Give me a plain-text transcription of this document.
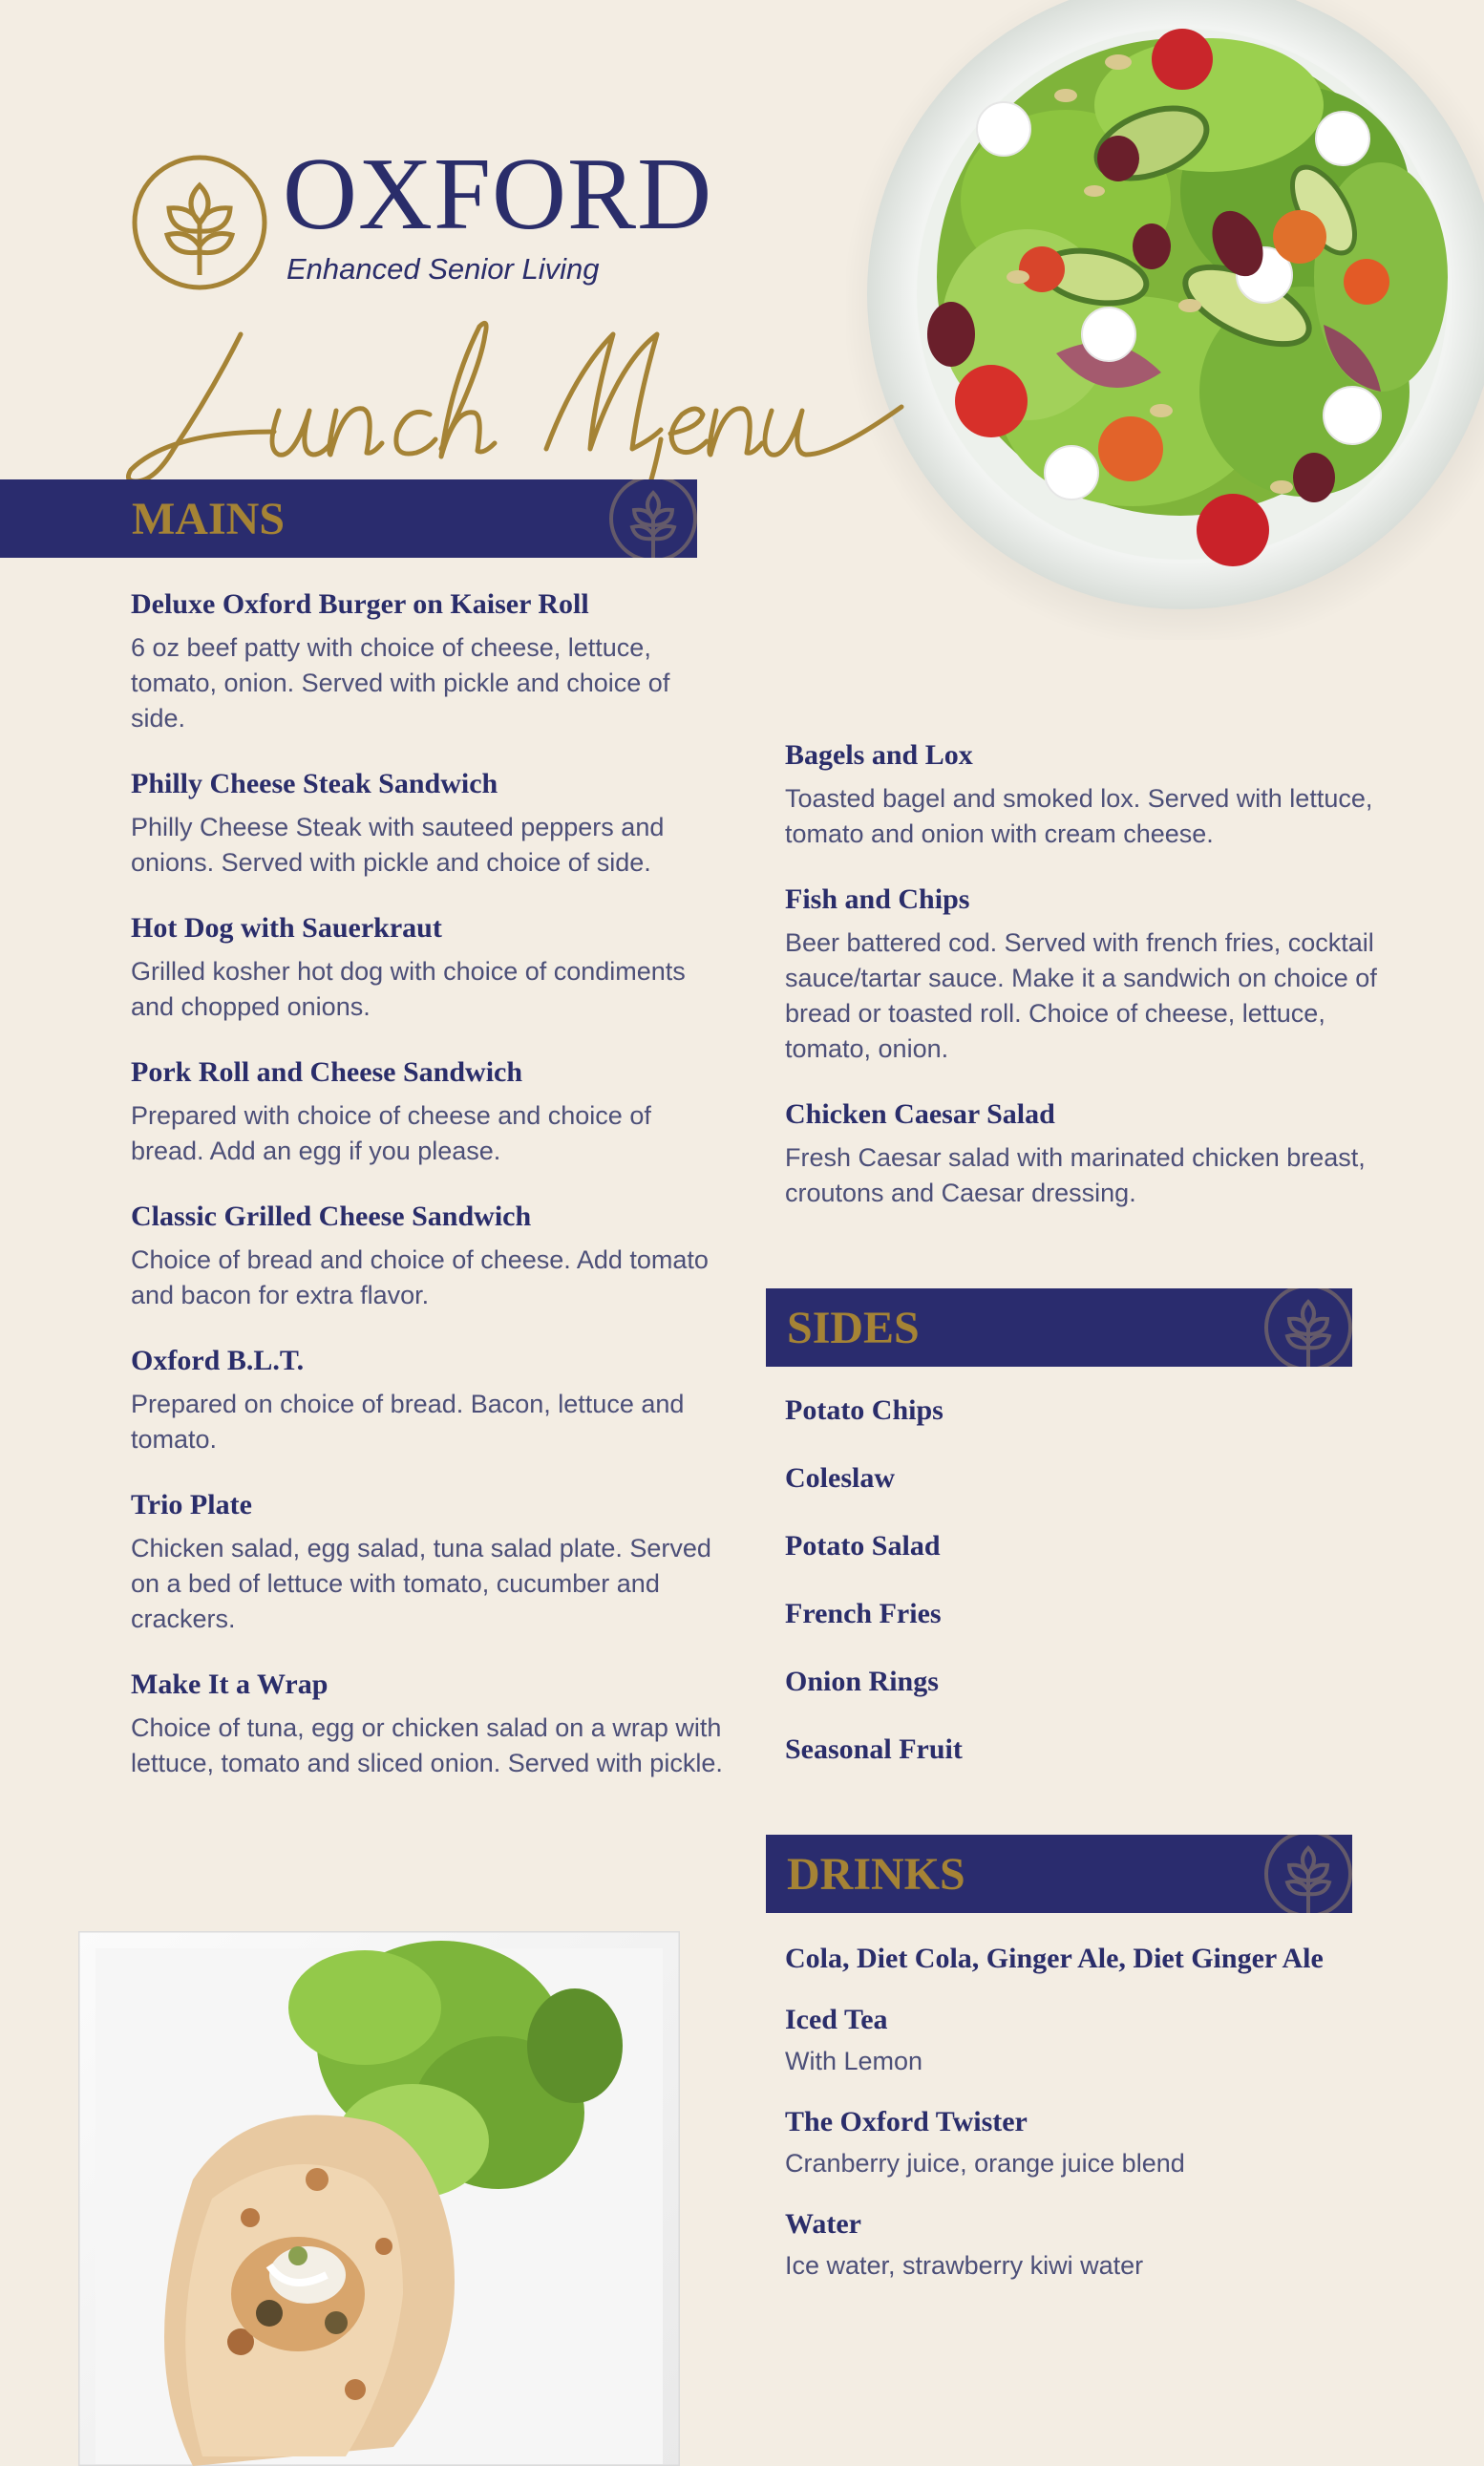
OXFORD
Enhanced Senior Living
MAINS
Deluxe Oxford Burger on Kaiser Roll
6 oz beef patty with choice of cheese, lettuce, tomato, onion. Served with pickle and choice of side.
Philly Cheese Steak Sandwich
Philly Cheese Steak with sauteed peppers and onions. Served with pickle and choice of side.
Hot Dog with Sauerkraut
Grilled kosher hot dog with choice of condiments and chopped onions.
Pork Roll and Cheese Sandwich
Prepared with choice of cheese and choice of bread. Add an egg if you please.
Classic Grilled Cheese Sandwich
Choice of bread and choice of cheese. Add tomato and bacon for extra flavor.
Oxford B.L.T.
Prepared on choice of bread. Bacon, lettuce and tomato.
Trio Plate
Chicken salad, egg salad, tuna salad plate. Served on a bed of lettuce with tomato, cucumber and crackers.
Make It a Wrap
Choice of tuna, egg or chicken salad on a wrap with lettuce, tomato and sliced onion. Served with pickle.
Bagels and Lox
Toasted bagel and smoked lox. Served with lettuce, tomato and onion with cream cheese.
Fish and Chips
Beer battered cod. Served with french fries, cocktail sauce/tartar sauce. Make it a sandwich on choice of bread or toasted roll. Choice of cheese, lettuce, tomato, onion.
Chicken Caesar Salad
Fresh Caesar salad with marinated chicken breast, croutons and Caesar dressing.
SIDES
Potato Chips
Coleslaw
Potato Salad
French Fries
Onion Rings
Seasonal Fruit
DRINKS
Cola, Diet Cola, Ginger Ale, Diet Ginger Ale
Iced Tea
With Lemon
The Oxford Twister
Cranberry juice, orange juice blend
Water
Ice water, strawberry kiwi water
